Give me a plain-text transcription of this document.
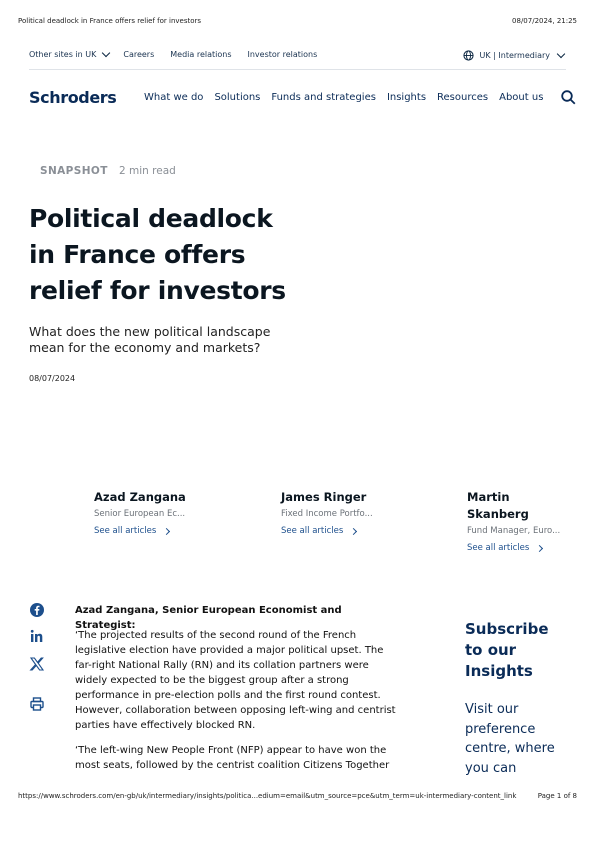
Political deadlock in France offers relief for investors	08/07/2024, 21:25
Other sites in UK	Careers Media relations Investor relations	UK | Intermediary
Schroders	What we do Solutions Funds and strategies Insights Resources About us
SNAPSHOT 2 min read
Political deadlock in France offers relief for investors
What does the new political landscape mean for the economy and markets?
08/07/2024
Azad Zangana
Senior European Ec...
See all articles
James Ringer
Fixed Income Portfo...
See all articles
Martin Skanberg
Fund Manager, Euro...
See all articles
Azad Zangana, Senior European Economist and Strategist:
‘The projected results of the second round of the French legislative election have provided a major political upset. The far-right National Rally (RN) and its collation partners were widely expected to be the biggest group after a strong performance in pre-election polls and the first round contest. However, collaboration between opposing left-wing and centrist parties have effectively blocked RN.
‘The left-wing New People Front (NFP) appear to have won the most seats, followed by the centrist coalition Citizens Together
Subscribe to our Insights
Visit our preference centre, where you can
https://www.schroders.com/en-gb/uk/intermediary/insights/politica...edium=email&utm_source=pce&utm_term=uk-intermediary-content_link	Page 1 of 8
